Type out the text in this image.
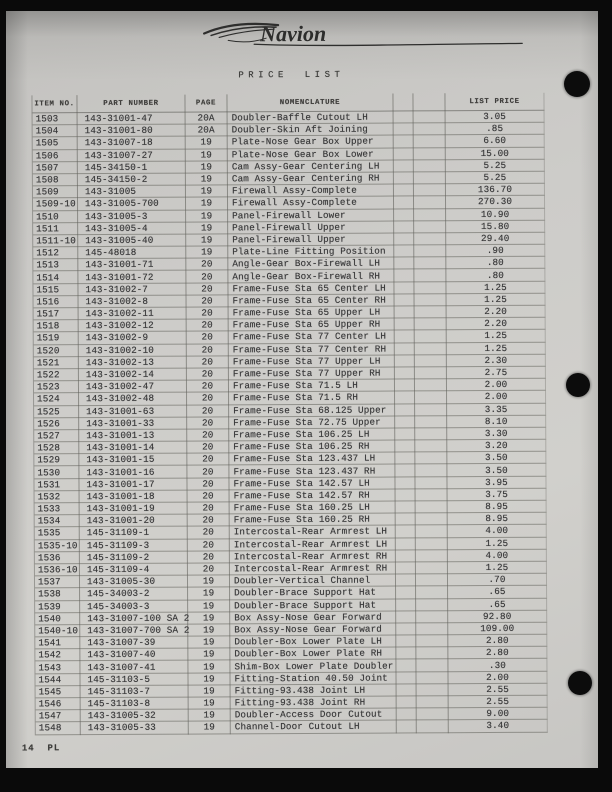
Navion
PRICE LIST
ITEM NO.	PART NUMBER	PAGE	NOMENCLATURE			LIST PRICE
1503	143-31001-47	20A	Doubler-Baffle Cutout LH			3.05
1504	143-31001-80	20A	Doubler-Skin Aft Joining			.85
1505	143-31007-18	19	Plate-Nose Gear Box Upper			6.60
1506	143-31007-27	19	Plate-Nose Gear Box Lower			15.00
1507	145-34150-1	19	Cam Assy-Gear Centering LH			5.25
1508	145-34150-2	19	Cam Assy-Gear Centering RH			5.25
1509	143-31005	19	Firewall Assy-Complete			136.70
1509-10	143-31005-700	19	Firewall Assy-Complete			270.30
1510	143-31005-3	19	Panel-Firewall Lower			10.90
1511	143-31005-4	19	Panel-Firewall Upper			15.80
1511-10	143-31005-40	19	Panel-Firewall Upper			29.40
1512	145-48018	19	Plate-Line Fitting Position			.90
1513	143-31001-71	20	Angle-Gear Box-Firewall LH			.80
1514	143-31001-72	20	Angle-Gear Box-Firewall RH			.80
1515	143-31002-7	20	Frame-Fuse Sta 65 Center LH			1.25
1516	143-31002-8	20	Frame-Fuse Sta 65 Center RH			1.25
1517	143-31002-11	20	Frame-Fuse Sta 65 Upper LH			2.20
1518	143-31002-12	20	Frame-Fuse Sta 65 Upper RH			2.20
1519	143-31002-9	20	Frame-Fuse Sta 77 Center LH			1.25
1520	143-31002-10	20	Frame-Fuse Sta 77 Center RH			1.25
1521	143-31002-13	20	Frame-Fuse Sta 77 Upper LH			2.30
1522	143-31002-14	20	Frame-Fuse Sta 77 Upper RH			2.75
1523	143-31002-47	20	Frame-Fuse Sta 71.5 LH			2.00
1524	143-31002-48	20	Frame-Fuse Sta 71.5 RH			2.00
1525	143-31001-63	20	Frame-Fuse Sta 68.125 Upper			3.35
1526	143-31001-33	20	Frame-Fuse Sta 72.75 Upper			8.10
1527	143-31001-13	20	Frame-Fuse Sta 106.25 LH			3.30
1528	143-31001-14	20	Frame-Fuse Sta 106.25 RH			3.20
1529	143-31001-15	20	Frame-Fuse Sta 123.437 LH			3.50
1530	143-31001-16	20	Frame-Fuse Sta 123.437 RH			3.50
1531	143-31001-17	20	Frame-Fuse Sta 142.57 LH			3.95
1532	143-31001-18	20	Frame-Fuse Sta 142.57 RH			3.75
1533	143-31001-19	20	Frame-Fuse Sta 160.25 LH			8.95
1534	143-31001-20	20	Frame-Fuse Sta 160.25 RH			8.95
1535	145-31109-1	20	Intercostal-Rear Armrest LH			4.00
1535-10	145-31109-3	20	Intercostal-Rear Armrest LH			1.25
1536	145-31109-2	20	Intercostal-Rear Armrest RH			4.00
1536-10	145-31109-4	20	Intercostal-Rear Armrest RH			1.25
1537	143-31005-30	19	Doubler-Vertical Channel			.70
1538	145-34003-2	19	Doubler-Brace Support Hat			.65
1539	145-34003-3	19	Doubler-Brace Support Hat			.65
1540	143-31007-100 SA 2	19	Box Assy-Nose Gear Forward			92.80
1540-10	143-31007-700 SA 2	19	Box Assy-Nose Gear Forward			109.00
1541	143-31007-39	19	Doubler-Box Lower Plate LH			2.80
1542	143-31007-40	19	Doubler-Box Lower Plate RH			2.80
1543	143-31007-41	19	Shim-Box Lower Plate Doubler			.30
1544	145-31103-5	19	Fitting-Station 40.50 Joint			2.00
1545	145-31103-7	19	Fitting-93.438 Joint LH			2.55
1546	145-31103-8	19	Fitting-93.438 Joint RH			2.55
1547	143-31005-32	19	Doubler-Access Door Cutout			9.00
1548	143-31005-33	19	Channel-Door Cutout LH			3.40
14  PL
